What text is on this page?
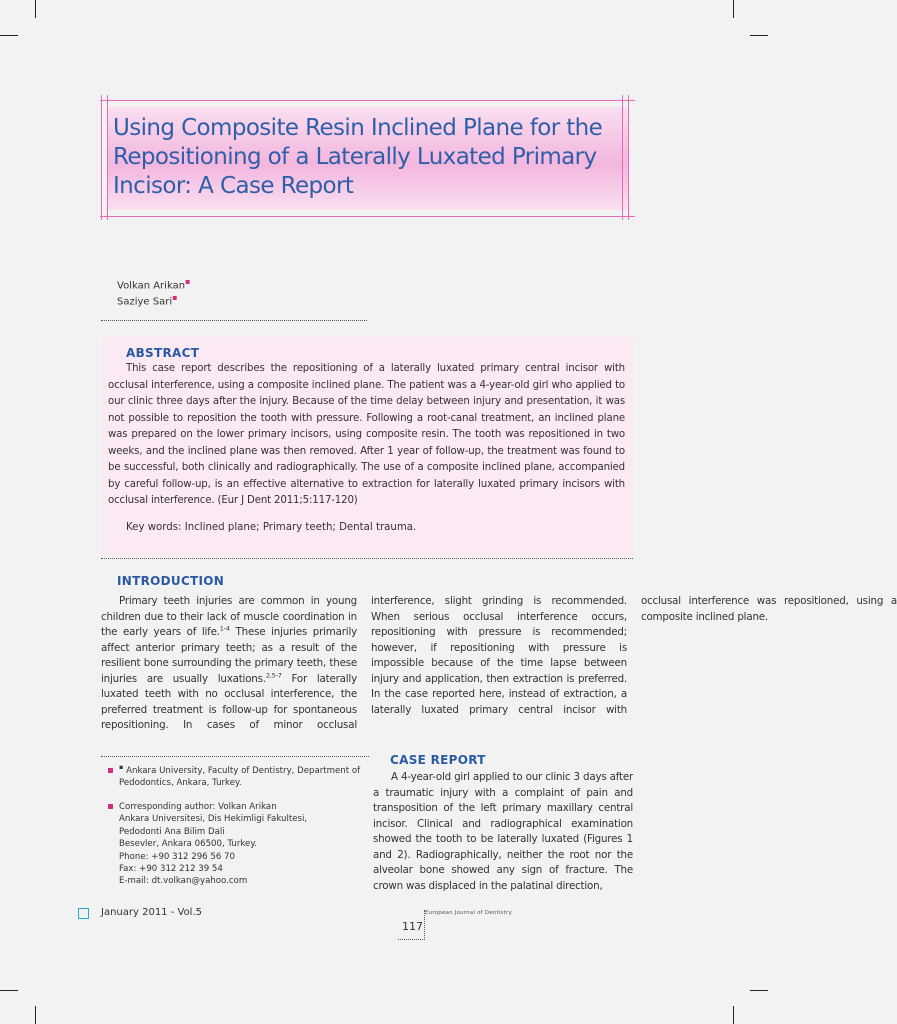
Using Composite Resin Inclined Plane for the Repositioning of a Laterally Luxated Primary Incisor: A Case Report
Volkan Arikan▪
Saziye Sari▪
ABSTRACT

This case report describes the repositioning of a laterally luxated primary central incisor with occlusal interference, using a composite inclined plane. The patient was a 4-year-old girl who applied to our clinic three days after the injury. Because of the time delay between injury and presentation, it was not possible to reposition the tooth with pressure. Following a root-canal treatment, an inclined plane was prepared on the lower primary incisors, using composite resin. The tooth was repositioned in two weeks, and the inclined plane was then removed. After 1 year of follow-up, the treatment was found to be successful, both clinically and radiographically. The use of a composite inclined plane, accompanied by careful follow-up, is an effective alternative to extraction for laterally luxated primary incisors with occlusal interference. (Eur J Dent 2011;5:117-120)

Key words: Inclined plane; Primary teeth; Dental trauma.

INTRODUCTION

Primary teeth injuries are common in young children due to their lack of muscle coordination in the early years of life.$^{1-4}$ These injuries primarily affect anterior primary teeth; as a result of the resilient bone surrounding the primary teeth, these injuries are usually luxations.$^{2,5-7}$ For laterally luxated teeth with no occlusal interference, the preferred treatment is follow-up for spontaneous repositioning. In cases of minor occlusal interference, slight grinding is recommended. When serious occlusal interference occurs, repositioning with pressure is recommended; however, if repositioning with pressure is impossible because of the time lapse between injury and application, then extraction is preferred. In the case reported here, instead of extraction, a laterally luxated primary central incisor with occlusal interference was repositioned, using a composite inclined plane.

CASE REPORT

A 4-year-old girl applied to our clinic 3 days after a traumatic injury with a complaint of pain and transposition of the left primary maxillary central incisor. Clinical and radiographical examination showed the tooth to be laterally luxated (Figures 1 and 2). Radiographically, neither the root nor the alveolar bone showed any sign of fracture. The crown was displaced in the palatinal direction,

▪ Ankara University, Faculty of Dentistry, Department of Pedodontics, Ankara, Turkey.
Corresponding author: Volkan Arikan
Ankara Universitesi, Dis Hekimligi Fakultesi,
Pedodonti Ana Bilim Dali
Besevler, Ankara 06500, Turkey.
Phone: +90 312 296 56 70
Fax: +90 312 212 39 54
E-mail: dt.volkan@yahoo.com

January 2011 - Vol.5	European Journal of Dentistry

117
